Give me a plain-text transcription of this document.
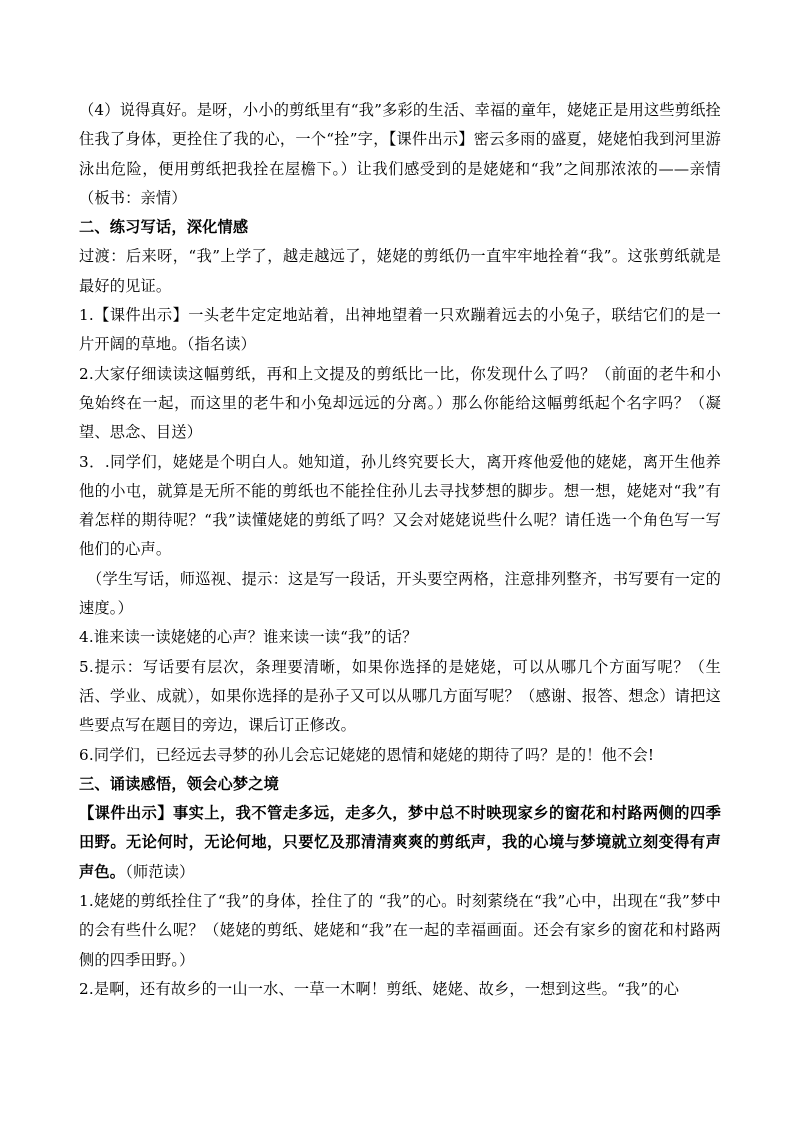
（4）说得真好。是呀，小小的剪纸里有“我”多彩的生活、幸福的童年，姥姥正是用这些剪纸拴住我了身体，更拴住了我的心，一个“拴”字，【课件出示】密云多雨的盛夏，姥姥怕我到河里游泳出危险，便用剪纸把我拴在屋檐下。）让我们感受到的是姥姥和“我”之间那浓浓的——亲情（板书：亲情）

二、练习写话，深化情感

过渡：后来呀，“我”上学了，越走越远了，姥姥的剪纸仍一直牢牢地拴着“我”。这张剪纸就是最好的见证。

1.【课件出示】一头老牛定定地站着，出神地望着一只欢蹦着远去的小兔子，联结它们的是一片开阔的草地。（指名读）

2.大家仔细读读这幅剪纸，再和上文提及的剪纸比一比，你发现什么了吗？（前面的老牛和小兔始终在一起，而这里的老牛和小兔却远远的分离。）那么你能给这幅剪纸起个名字吗？（凝望、思念、目送）

3．.同学们，姥姥是个明白人。她知道，孙儿终究要长大，离开疼他爱他的姥姥，离开生他养他的小屯，就算是无所不能的剪纸也不能拴住孙儿去寻找梦想的脚步。想一想，姥姥对“我”有着怎样的期待呢？“我”读懂姥姥的剪纸了吗？又会对姥姥说些什么呢？请任选一个角色写一写他们的心声。

（学生写话，师巡视、提示：这是写一段话，开头要空两格，注意排列整齐，书写要有一定的速度。）

4.谁来读一读姥姥的心声？谁来读一读“我”的话？

5.提示：写话要有层次，条理要清晰，如果你选择的是姥姥，可以从哪几个方面写呢？（生活、学业、成就），如果你选择的是孙子又可以从哪几方面写呢？（感谢、报答、想念）请把这些要点写在题目的旁边，课后订正修改。

6.同学们，已经远去寻梦的孙儿会忘记姥姥的恩情和姥姥的期待了吗？是的！他不会!

三、诵读感悟，领会心梦之境

【课件出示】事实上，我不管走多远，走多久，梦中总不时映现家乡的窗花和村路两侧的四季田野。无论何时，无论何地，只要忆及那清清爽爽的剪纸声，我的心境与梦境就立刻变得有声声色。（师范读）

1.姥姥的剪纸拴住了“我”的身体，拴住了的 “我”的心。时刻萦绕在“我”心中，出现在“我”梦中的会有些什么呢？（姥姥的剪纸、姥姥和“我”在一起的幸福画面。还会有家乡的窗花和村路两侧的四季田野。）

2.是啊，还有故乡的一山一水、一草一木啊！剪纸、姥姥、故乡，一想到这些。“我”的心
